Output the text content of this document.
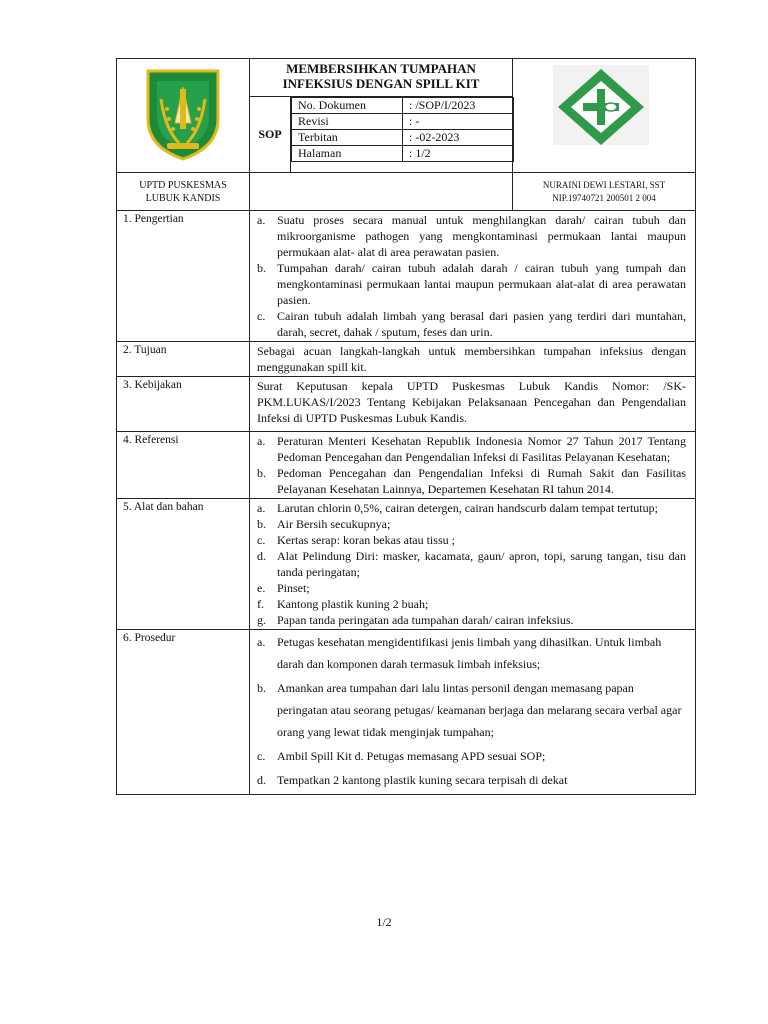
MEMBERSIHKAN TUMPAHAN
INFEKSIUS DENGAN SPILL KIT

SOP	
No. Dokumen	: /SOP/I/2023
Revisi	: -
Terbitan	: -02-2023
Halaman	: 1/2

UPTD PUSKESMAS
LUBUK KANDIS

NURAINI DEWI LESTARI, SST
NIP.19740721 200501 2 004

1. Pengertian	a. Suatu proses secara manual untuk menghilangkan darah/ cairan tubuh dan mikroorganisme pathogen yang mengkontaminasi permukaan lantai maupun permukaan alat- alat di area perawatan pasien.
b. Tumpahan darah/ cairan tubuh adalah darah / cairan tubuh yang tumpah dan mengkontaminasi permukaan lantai maupun permukaan alat-alat di area perawatan pasien.
c. Cairan tubuh adalah limbah yang berasal dari pasien yang terdiri dari muntahan, darah, secret, dahak / sputum, feses dan urin.

2. Tujuan	Sebagai acuan langkah-langkah untuk membersihkan tumpahan infeksius dengan menggunakan spill kit.
3. Kebijakan	Surat Keputusan kepala UPTD Puskesmas Lubuk Kandis Nomor: /SK-PKM.LUKAS/I/2023 Tentang Kebijakan Pelaksanaan Pencegahan dan Pengendalian Infeksi di UPTD Puskesmas Lubuk Kandis.
4. Referensi	a. Peraturan Menteri Kesehatan Republik Indonesia Nomor 27 Tahun 2017 Tentang Pedoman Pencegahan dan Pengendalian Infeksi di Fasilitas Pelayanan Kesehatan;
b. Pedoman Pencegahan dan Pengendalian Infeksi di Rumah Sakit dan Fasilitas Pelayanan Kesehatan Lainnya, Departemen Kesehatan RI tahun 2014.

5. Alat dan bahan	a. Larutan chlorin 0,5%, cairan detergen, cairan handscurb dalam tempat tertutup;
b. Air Bersih secukupnya;
c. Kertas serap: koran bekas atau tissu ;
d. Alat Pelindung Diri: masker, kacamata, gaun/ apron, topi, sarung tangan, tisu dan tanda peringatan;
e. Pinset;
f. Kantong plastik kuning 2 buah;
g. Papan tanda peringatan ada tumpahan darah/ cairan infeksius.

6. Prosedur	a. Petugas kesehatan mengidentifikasi jenis limbah yang dihasilkan. Untuk limbah darah dan komponen darah termasuk limbah infeksius;
b. Amankan area tumpahan dari lalu lintas personil dengan memasang papan peringatan atau seorang petugas/ keamanan berjaga dan melarang secara verbal agar orang yang lewat tidak menginjak tumpahan;
c. Ambil Spill Kit d. Petugas memasang APD sesuai SOP;
d. Tempatkan 2 kantong plastik kuning secara terpisah di dekat
1/2
